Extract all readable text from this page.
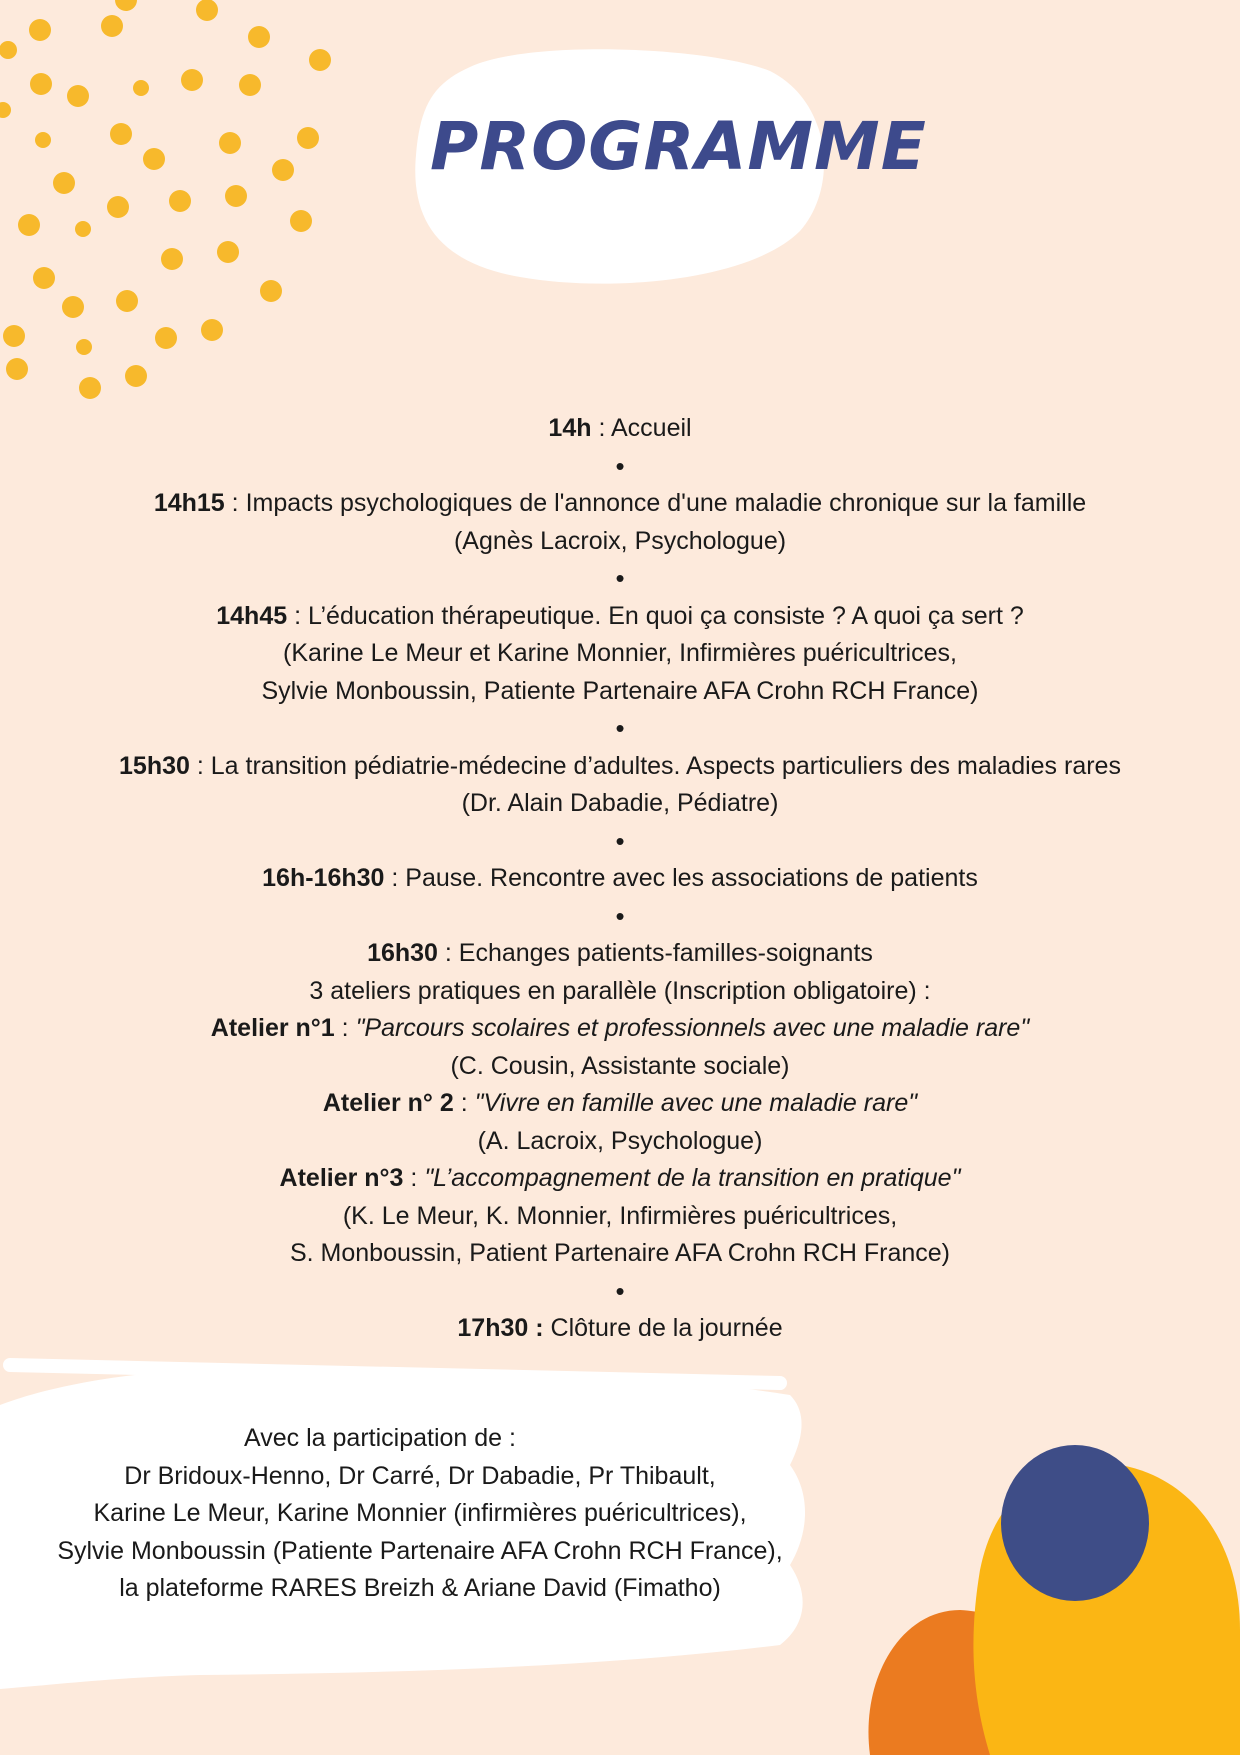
PROGRAMME
14h : Accueil
•
14h15 : Impacts psychologiques de l'annonce d'une maladie chronique sur la famille
(Agnès Lacroix, Psychologue)
•
14h45 : L’éducation thérapeutique. En quoi ça consiste ? A quoi ça sert ?
(Karine Le Meur et Karine Monnier, Infirmières puéricultrices,
Sylvie Monboussin, Patiente Partenaire AFA Crohn RCH France)
•
15h30 : La transition pédiatrie-médecine d’adultes. Aspects particuliers des maladies rares
(Dr. Alain Dabadie, Pédiatre)
•
16h-16h30 : Pause. Rencontre avec les associations de patients
•
16h30 : Echanges patients-familles-soignants
3 ateliers pratiques en parallèle (Inscription obligatoire) :
Atelier n°1 : "Parcours scolaires et professionnels avec une maladie rare"
(C. Cousin, Assistante sociale)
Atelier n° 2 : "Vivre en famille avec une maladie rare"
(A. Lacroix, Psychologue)
Atelier n°3 : "L’accompagnement de la transition en pratique"
(K. Le Meur, K. Monnier, Infirmières puéricultrices,
S. Monboussin, Patient Partenaire AFA Crohn RCH France)
•
17h30 : Clôture de la journée
Avec la participation de :
Dr Bridoux-Henno, Dr Carré, Dr Dabadie, Pr Thibault,
Karine Le Meur, Karine Monnier (infirmières puéricultrices),
Sylvie Monboussin (Patiente Partenaire AFA Crohn RCH France),
la plateforme RARES Breizh & Ariane David (Fimatho)
